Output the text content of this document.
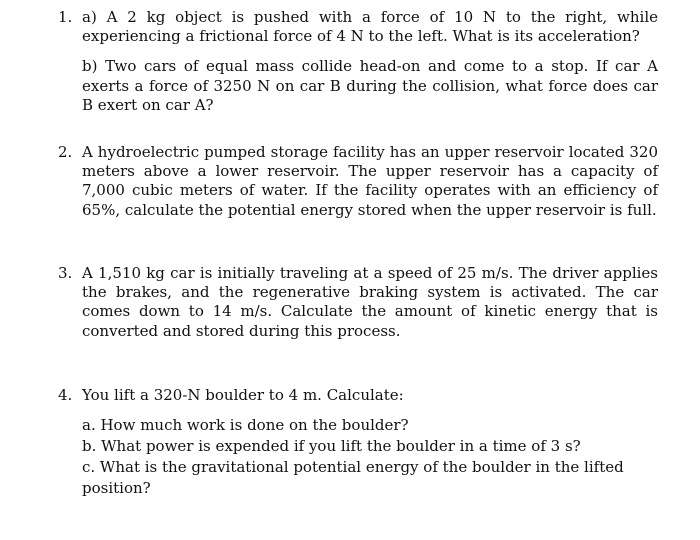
1. a) A 2 kg object is pushed with a force of 10 N to the right, while experiencing a frictional force of 4 N to the left. What is its acceleration?
b) Two cars of equal mass collide head-on and come to a stop. If car A exerts a force of 3250 N on car B during the collision, what force does car B exert on car A?
2. A hydroelectric pumped storage facility has an upper reservoir located 320 meters above a lower reservoir. The upper reservoir has a capacity of 7,000 cubic meters of water. If the facility operates with an efficiency of 65%, calculate the potential energy stored when the upper reservoir is full.
3. A 1,510 kg car is initially traveling at a speed of 25 m/s. The driver applies the brakes, and the regenerative braking system is activated. The car comes down to 14 m/s. Calculate the amount of kinetic energy that is converted and stored during this process.
4. You lift a 320-N boulder to 4 m. Calculate:
a. How much work is done on the boulder?
b. What power is expended if you lift the boulder in a time of 3 s?
c. What is the gravitational potential energy of the boulder in the lifted position?
